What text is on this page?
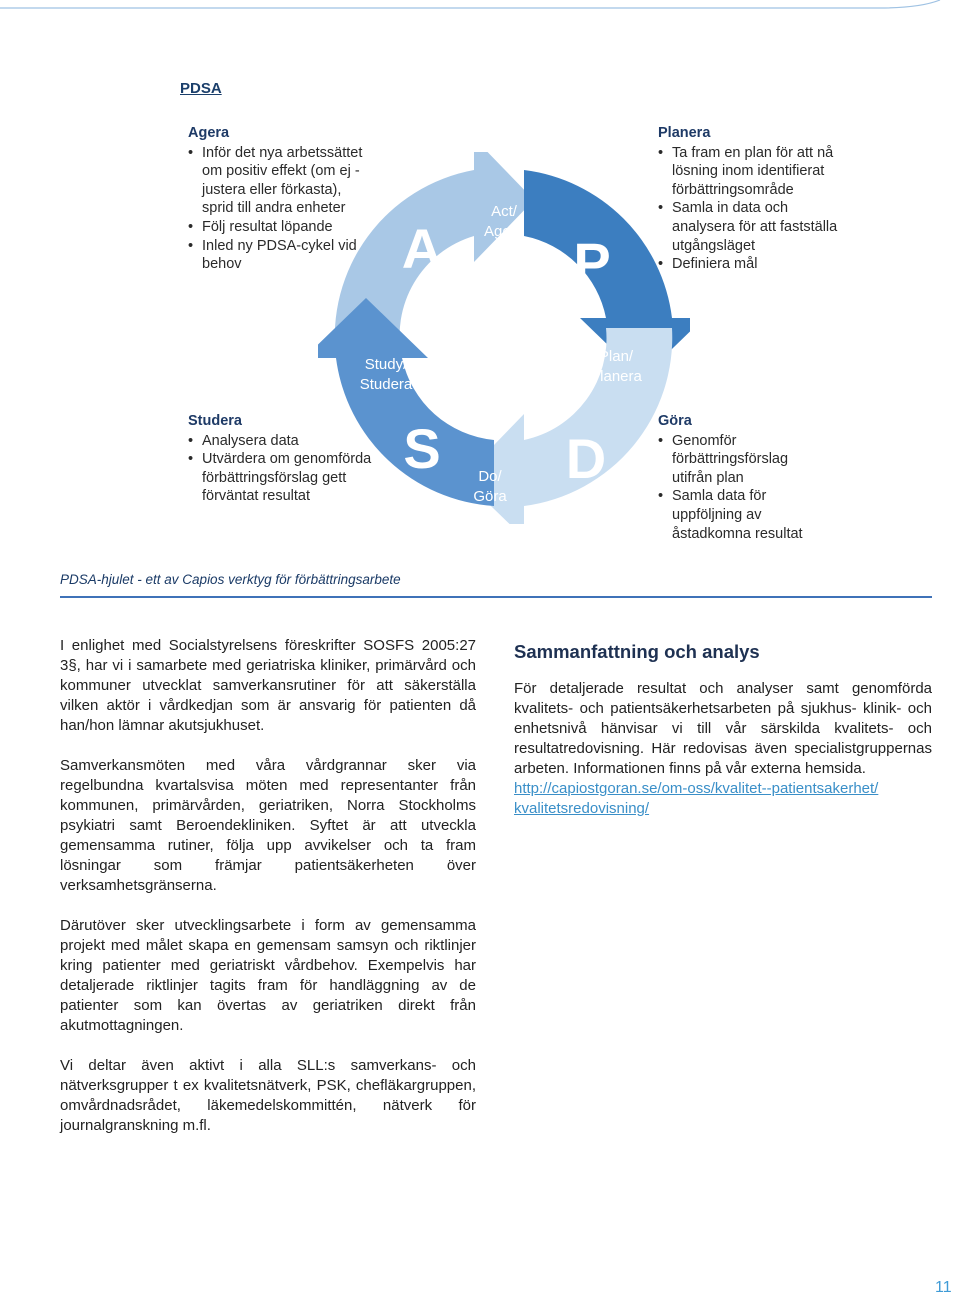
PDSA
Agera
• Inför det nya arbetssättet om positiv effekt (om ej - justera eller förkasta), sprid till andra enheter
• Följ resultat löpande
• Inled ny PDSA-cykel vid behov
Planera
• Ta fram en plan för att nå lösning inom identifierat förbättringsområde
• Samla in data och analysera för att fastställa utgångsläget
• Definiera mål
Studera
• Analysera data
• Utvärdera om genomförda förbättringsförslag gett förväntat resultat
Göra
• Genomför förbättringsförslag utifrån plan
• Samla data för uppföljning av åstadkomna resultat
A
Act/
Agera P
Plan/
Planera
S
Study/
Studera
D
Do/
Göra
PDSA-hjulet - ett av Capios verktyg för förbättringsarbete

I enlighet med Socialstyrelsens föreskrifter SOSFS 2005:27 3§, har vi i samarbete med geriatriska kliniker, primärvård och kommuner utvecklat samverkansrutiner för att säkerställa vilken aktör i vårdkedjan som är ansvarig för patienten då han/hon lämnar akutsjukhuset.

Samverkansmöten med våra vårdgrannar sker via regelbundna kvartalsvisa möten med representanter från kommunen, primärvården, geriatriken, Norra Stockholms psykiatri samt Beroendekliniken. Syftet är att utveckla gemensamma rutiner, följa upp avvikelser och ta fram lösningar som främjar patientsäkerheten över verksamhetsgränserna.

Därutöver sker utvecklingsarbete i form av gemensamma projekt med målet skapa en gemensam samsyn och riktlinjer kring patienter med geriatriskt vårdbehov. Exempelvis har detaljerade riktlinjer tagits fram för handläggning av de patienter som kan övertas av geriatriken direkt från akutmottagningen.

Vi deltar även aktivt i alla SLL:s samverkans- och nätverksgrupper t ex kvalitetsnätverk, PSK, chefläkargruppen, omvårdnadsrådet, läkemedelskommittén, nätverk för journalgranskning m.fl.

Sammanfattning och analys
För detaljerade resultat och analyser samt genomförda kvalitets- och patientsäkerhetsarbeten på sjukhus- klinik- och enhetsnivå hänvisar vi till vår särskilda kvalitets- och resultatredovisning. Här redovisas även specialistgruppernas arbeten. Informationen finns på vår externa hemsida.
http://capiostgoran.se/om-oss/kvalitet--patientsakerhet/
kvalitetsredovisning/
11
